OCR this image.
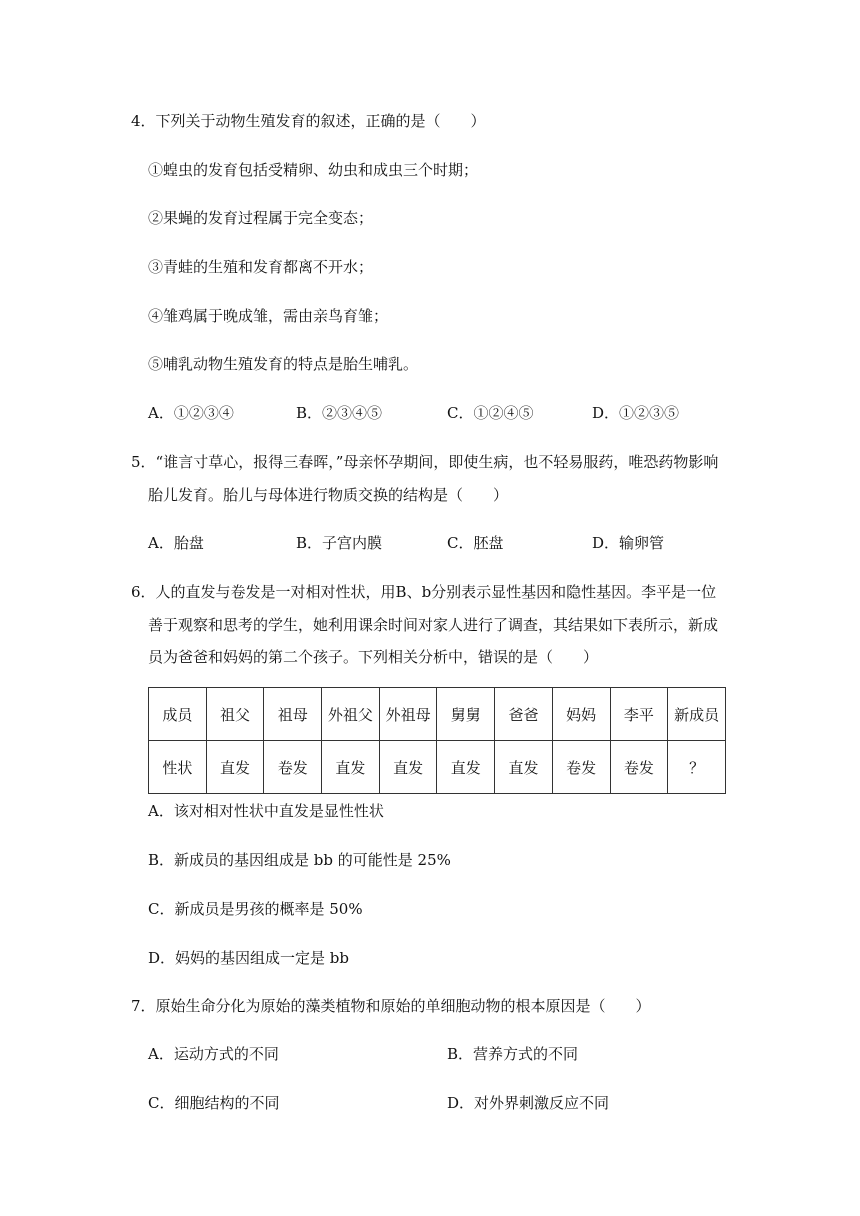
4．下列关于动物生殖发育的叙述，正确的是（　　）
①蝗虫的发育包括受精卵、幼虫和成虫三个时期；
②果蝇的发育过程属于完全变态；
③青蛙的生殖和发育都离不开水；
④雏鸡属于晚成雏，需由亲鸟育雏；
⑤哺乳动物生殖发育的特点是胎生哺乳。
A．①②③④	B．②③④⑤	C．①②④⑤	D．①②③⑤
5．“谁言寸草心，报得三春晖，”母亲怀孕期间，即使生病，也不轻易服药，唯恐药物影响
胎儿发育。胎儿与母体进行物质交换的结构是（　　）
A．胎盘	B．子宫内膜	C．胚盘	D．输卵管
6．人的直发与卷发是一对相对性状，用B、b分别表示显性基因和隐性基因。李平是一位
善于观察和思考的学生，她利用课余时间对家人进行了调查，其结果如下表所示，新成
员为爸爸和妈妈的第二个孩子。下列相关分析中，错误的是（　　）
成员	祖父	祖母	外祖父	外祖母	舅舅	爸爸	妈妈	李平	新成员
性状	直发	卷发	直发	直发	直发	直发	卷发	卷发	？
A．该对相对性状中直发是显性性状
B．新成员的基因组成是 bb 的可能性是 25%
C．新成员是男孩的概率是 50%
D．妈妈的基因组成一定是 bb
7．原始生命分化为原始的藻类植物和原始的单细胞动物的根本原因是（　　）
A．运动方式的不同	B．营养方式的不同
C．细胞结构的不同	D．对外界刺激反应不同
